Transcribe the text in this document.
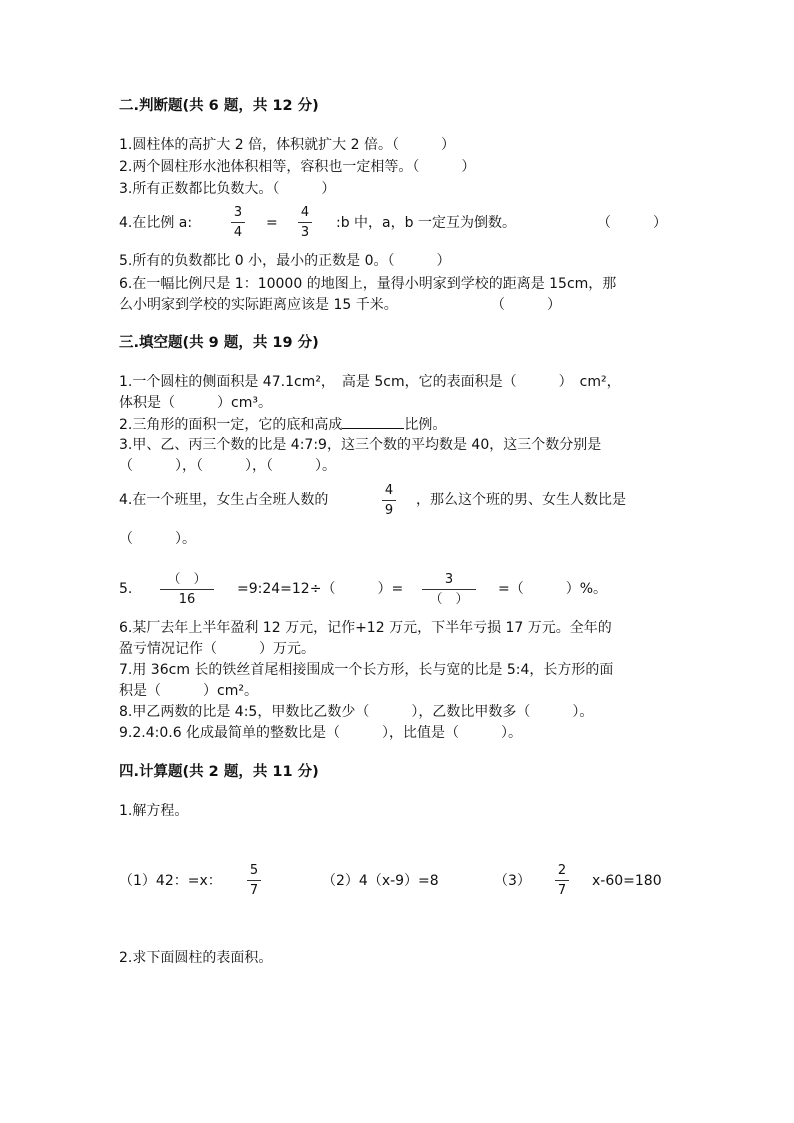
二.判断题(共 6 题，共 12 分)
1.圆柱体的高扩大 2 倍，体积就扩大 2 倍。（　　　）
2.两个圆柱形水池体积相等，容积也一定相等。（　　　）
3.所有正数都比负数大。（　　　）
4.在比例 a:
3
4
=
4
3
:b 中，a，b 一定互为倒数。	（　　　）
5.所有的负数都比 0 小，最小的正数是 0。（　　　）
6.在一幅比例尺是 1：10000 的地图上，量得小明家到学校的距离是 15cm，那
么小明家到学校的实际距离应该是 15 千米。	（　　　）
三.填空题(共 9 题，共 19 分)
1.一个圆柱的侧面积是 47.1cm²，　高是 5cm，它的表面积是（　　　）　cm²，
体积是（　　　）cm³。
2.三角形的面积一定，它的底和高成	比例。
3.甲、乙、丙三个数的比是 4:7:9，这三个数的平均数是 40，这三个数分别是
（　　　），（　　　），（　　　）。
4.在一个班里，女生占全班人数的
4
9
，那么这个班的男、女生人数比是
（　　　）。
5.
（　）
16
=9:24=12÷（　　　）=
3
（　）
=（　　　）%。
6.某厂去年上半年盈利 12 万元，记作+12 万元，下半年亏损 17 万元。全年的
盈亏情况记作（　　　）万元。
7.用 36cm 长的铁丝首尾相接围成一个长方形，长与宽的比是 5:4，长方形的面
积是（　　　）cm²。
8.甲乙两数的比是 4:5，甲数比乙数少（　　　），乙数比甲数多（　　　）。
9.2.4:0.6 化成最简单的整数比是（　　　），比值是（　　　）。
四.计算题(共 2 题，共 11 分)
1.解方程。
（1）42：=x：
5
7
（2）4（x-9）=8	（3）
2
7
x-60=180
2.求下面圆柱的表面积。
